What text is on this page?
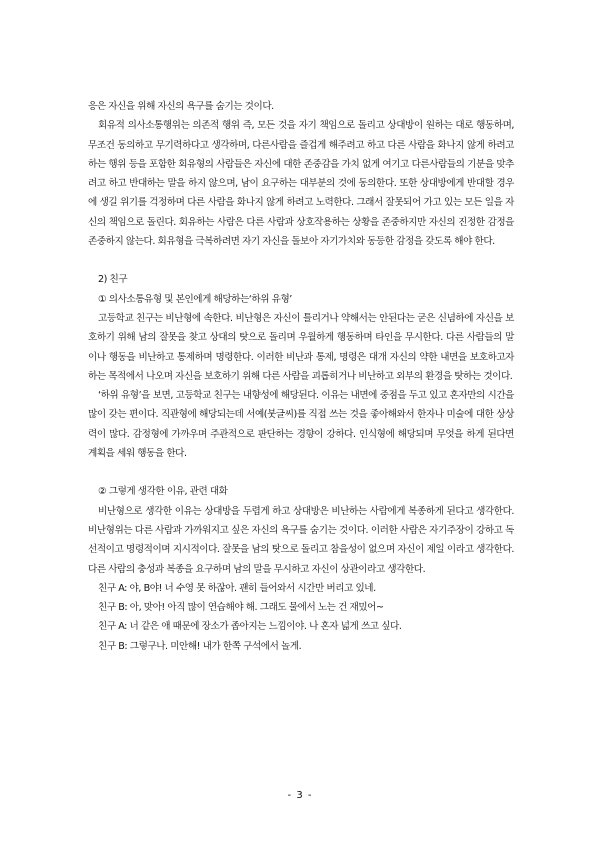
응은 자신을 위해 자신의 욕구를 숨기는 것이다.

회유적 의사소통행위는 의존적 행위 즉, 모든 것을 자기 책임으로 돌리고 상대방이 원하는 대로 행동하며, 무조건 동의하고 무기력하다고 생각하며, 다른사람을 즐겁게 해주려고 하고 다른 사람을 화나지 않게 하려고 하는 행위 등을 포함한 회유형의 사람들은 자신에 대한 존중감을 가치 없게 여기고 다른사람들의 기분을 맞추려고 하고 반대하는 말을 하지 않으며, 남이 요구하는 대부분의 것에 동의한다. 또한 상대방에게 반대할 경우에 생길 위기를 걱정하며 다른 사람을 화나지 않게 하려고 노력한다. 그래서 잘못되어 가고 있는 모든 일을 자신의 책임으로 돌린다. 회유하는 사람은 다른 사람과 상호작용하는 상황을 존중하지만 자신의 진정한 감정을 존중하지 않는다. 회유형을 극복하려면 자기 자신을 돌보아 자기가치와 동등한 감정을 갖도록 해야 한다.

2) 친구

① 의사소통유형 및 본인에게 해당하는‘하위 유형’

고등학교 친구는 비난형에 속한다. 비난형은 자신이 틀리거나 약해서는 안된다는 굳은 신념하에 자신을 보호하기 위해 남의 잘못을 찾고 상대의 탓으로 돌리며 우월하게 행동하며 타인을 무시한다. 다른 사람들의 말이나 행동을 비난하고 통제하며 명령한다. 이러한 비난과 통제, 명령은 대개 자신의 약한 내면을 보호하고자 하는 목적에서 나오며 자신을 보호하기 위해 다른 사람을 괴롭히거나 비난하고 외부의 환경을 탓하는 것이다.

‘하위 유형’을 보면, 고등학교 친구는 내향성에 해당된다. 이유는 내면에 중점을 두고 있고 혼자만의 시간을 많이 갖는 편이다. 직관형에 해당되는데 서예(붓글씨)를 직접 쓰는 것을 좋아해와서 한자나 미술에 대한 상상력이 많다. 감정형에 가까우며 주관적으로 판단하는 경향이 강하다. 인식형에 해당되며 무엇을 하게 된다면 계획을 세워 행동을 한다.

② 그렇게 생각한 이유, 관련 대화

비난형으로 생각한 이유는 상대방을 두렵게 하고 상대방은 비난하는 사람에게 복종하게 된다고 생각한다. 비난형위는 다른 사람과 가까워지고 싶은 자신의 욕구를 숨기는 것이다. 이러한 사람은 자기주장이 강하고 독선적이고 명령적이며 지시적이다. 잘못을 남의 탓으로 돌리고 참을성이 없으며 자신이 제일 이라고 생각한다. 다른 사람의 충성과 복종을 요구하며 남의 말을 무시하고 자신이 상관이라고 생각한다.

친구 A: 야, B야! 너 수영 못 하잖아. 괜히 들어와서 시간만 버리고 있네.

친구 B: 아, 맞아! 아직 많이 연습해야 해. 그래도 물에서 노는 건 재밌어~

친구 A: 너 같은 애 때문에 장소가 좁아지는 느낌이야. 나 혼자 넓게 쓰고 싶다.

친구 B: 그렇구나. 미안해! 내가 한쪽 구석에서 놀게.

- 3 -
